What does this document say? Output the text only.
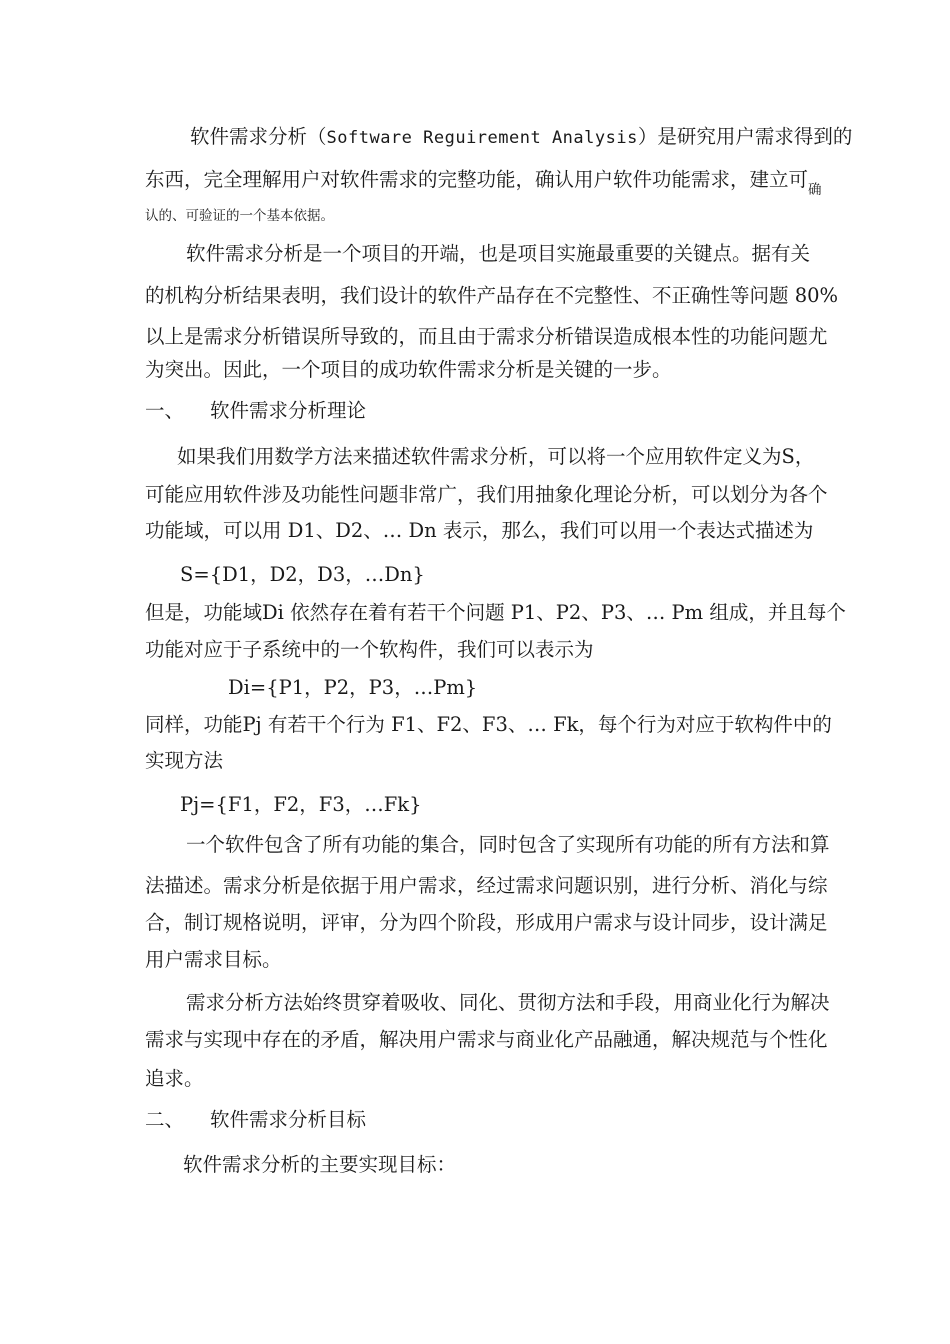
软件需求分析（Software Reguirement Analysis）是研究用户需求得到的
东西，完全理解用户对软件需求的完整功能，确认用户软件功能需求，建立可$_确$
认的、可验证的一个基本依据。
软件需求分析是一个项目的开端，也是项目实施最重要的关键点。据有关
的机构分析结果表明，我们设计的软件产品存在不完整性、不正确性等问题 80%
以上是需求分析错误所导致的，而且由于需求分析错误造成根本性的功能问题尤
为突出。因此，一个项目的成功软件需求分析是关键的一步。
一、 软件需求分析理论
如果我们用数学方法来描述软件需求分析，可以将一个应用软件定义为S，
可能应用软件涉及功能性问题非常广，我们用抽象化理论分析，可以划分为各个
功能域，可以用 D1、D2、… Dn 表示，那么，我们可以用一个表达式描述为
S={D1，D2，D3，…Dn}
但是，功能域Di 依然存在着有若干个问题 P1、P2、P3、… Pm 组成，并且每个
功能对应于子系统中的一个软构件，我们可以表示为
Di={P1，P2，P3，…Pm}
同样，功能Pj 有若干个行为 F1、F2、F3、… Fk，每个行为对应于软构件中的
实现方法
Pj={F1，F2，F3，…Fk}
一个软件包含了所有功能的集合，同时包含了实现所有功能的所有方法和算
法描述。需求分析是依据于用户需求，经过需求问题识别，进行分析、消化与综
合，制订规格说明，评审，分为四个阶段，形成用户需求与设计同步，设计满足
用户需求目标。
需求分析方法始终贯穿着吸收、同化、贯彻方法和手段，用商业化行为解决
需求与实现中存在的矛盾，解决用户需求与商业化产品融通，解决规范与个性化
追求。
二、 软件需求分析目标
软件需求分析的主要实现目标：
